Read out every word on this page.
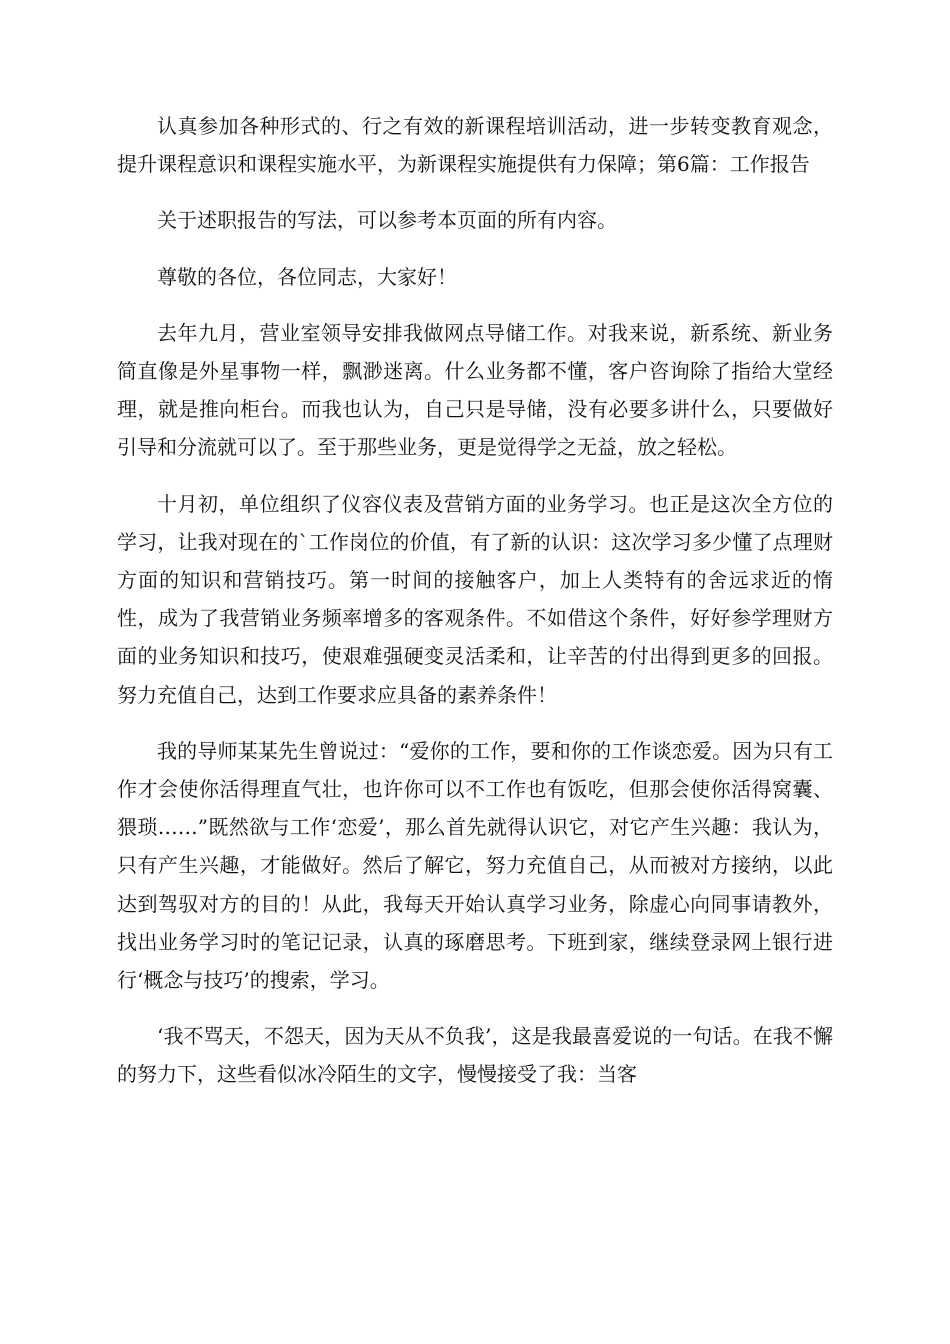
认真参加各种形式的、行之有效的新课程培训活动，进一步转变教育观念，提升课程意识和课程实施水平，为新课程实施提供有力保障；第6篇：工作报告

关于述职报告的写法，可以参考本页面的所有内容。

尊敬的各位，各位同志，大家好！

去年九月，营业室领导安排我做网点导储工作。对我来说，新系统、新业务简直像是外星事物一样，飘渺迷离。什么业务都不懂，客户咨询除了指给大堂经理，就是推向柜台。而我也认为，自己只是导储，没有必要多讲什么，只要做好引导和分流就可以了。至于那些业务，更是觉得学之无益，放之轻松。

十月初，单位组织了仪容仪表及营销方面的业务学习。也正是这次全方位的学习，让我对现在的`工作岗位的价值，有了新的认识：这次学习多少懂了点理财方面的知识和营销技巧。第一时间的接触客户，加上人类特有的舍远求近的惰性，成为了我营销业务频率增多的客观条件。不如借这个条件，好好参学理财方面的业务知识和技巧，使艰难强硬变灵活柔和，让辛苦的付出得到更多的回报。努力充值自己，达到工作要求应具备的素养条件！

我的导师某某先生曾说过：“爱你的工作，要和你的工作谈恋爱。因为只有工作才会使你活得理直气壮，也许你可以不工作也有饭吃，但那会使你活得窝囊、猥琐……”既然欲与工作‘恋爱’，那么首先就得认识它，对它产生兴趣：我认为，只有产生兴趣，才能做好。然后了解它，努力充值自己，从而被对方接纳，以此达到驾驭对方的目的！从此，我每天开始认真学习业务，除虚心向同事请教外，找出业务学习时的笔记记录，认真的琢磨思考。下班到家，继续登录网上银行进行‘概念与技巧’的搜索，学习。

‘我不骂天，不怨天，因为天从不负我’，这是我最喜爱说的一句话。在我不懈的努力下，这些看似冰冷陌生的文字，慢慢接受了我：当客
